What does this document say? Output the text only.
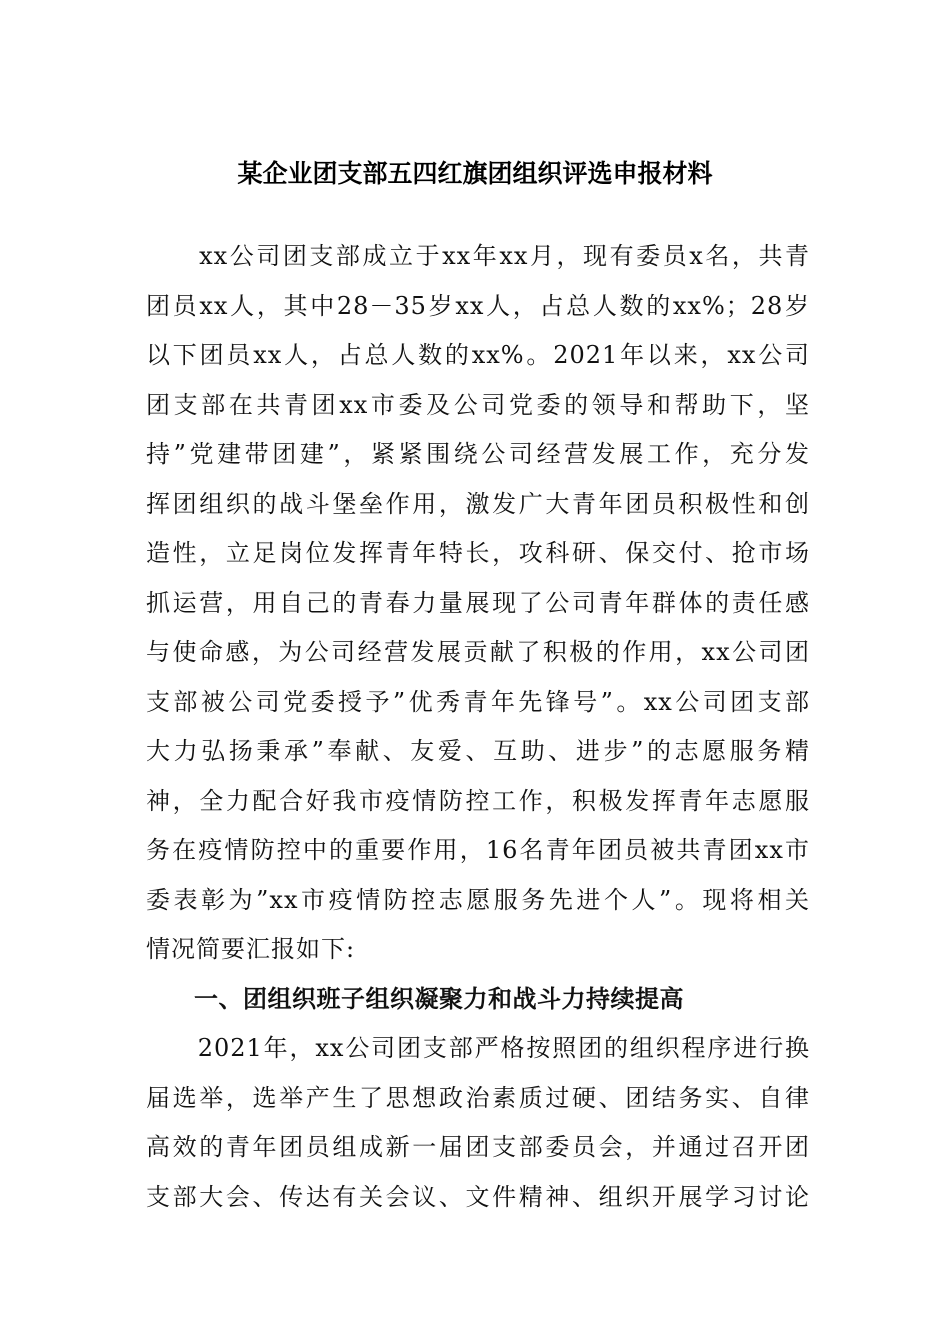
某企业团支部五四红旗团组织评选申报材料
　　xx公司团支部成立于xx年xx月，现有委员x名，共青
团员xx人，其中28－35岁xx人，占总人数的xx%；28岁
以下团员xx人，占总人数的xx%。2021年以来，xx公司
团支部在共青团xx市委及公司党委的领导和帮助下，坚
持”党建带团建”，紧紧围绕公司经营发展工作，充分发
挥团组织的战斗堡垒作用，激发广大青年团员积极性和创
造性，立足岗位发挥青年特长，攻科研、保交付、抢市场
抓运营，用自己的青春力量展现了公司青年群体的责任感
与使命感，为公司经营发展贡献了积极的作用，xx公司团
支部被公司党委授予”优秀青年先锋号”。xx公司团支部
大力弘扬秉承”奉献、友爱、互助、进步”的志愿服务精
神，全力配合好我市疫情防控工作，积极发挥青年志愿服
务在疫情防控中的重要作用，16名青年团员被共青团xx市
委表彰为”xx市疫情防控志愿服务先进个人”。现将相关
情况简要汇报如下:
一、团组织班子组织凝聚力和战斗力持续提高
　　2021年，xx公司团支部严格按照团的组织程序进行换
届选举，选举产生了思想政治素质过硬、团结务实、自律
高效的青年团员组成新一届团支部委员会，并通过召开团
支部大会、传达有关会议、文件精神、组织开展学习讨论
